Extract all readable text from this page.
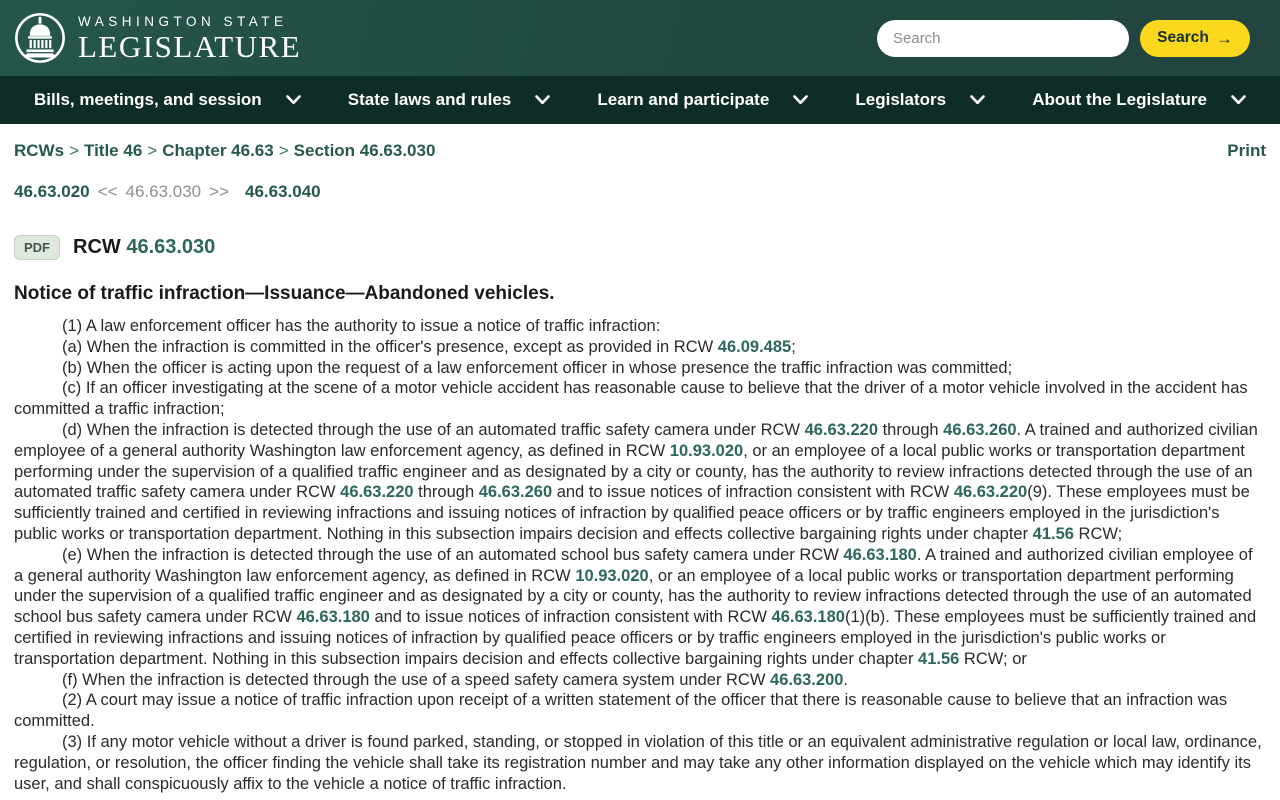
WASHINGTON STATE
LEGISLATURE
Search	Search →
Bills, meetings, and session	State laws and rules	Learn and participate	Legislators	About the Legislature
RCWs > Title 46 > Chapter 46.63 > Section 46.63.030	Print
46.63.020 << 46.63.030 >> 46.63.040
PDF	RCW 46.63.030
Notice of traffic infraction—Issuance—Abandoned vehicles.

(1) A law enforcement officer has the authority to issue a notice of traffic infraction:

(a) When the infraction is committed in the officer's presence, except as provided in RCW 46.09.485;

(b) When the officer is acting upon the request of a law enforcement officer in whose presence the traffic infraction was committed;

(c) If an officer investigating at the scene of a motor vehicle accident has reasonable cause to believe that the driver of a motor vehicle involved in the accident has committed a traffic infraction;

(d) When the infraction is detected through the use of an automated traffic safety camera under RCW 46.63.220 through 46.63.260. A trained and authorized civilian employee of a general authority Washington law enforcement agency, as defined in RCW 10.93.020, or an employee of a local public works or transportation department performing under the supervision of a qualified traffic engineer and as designated by a city or county, has the authority to review infractions detected through the use of an automated traffic safety camera under RCW 46.63.220 through 46.63.260 and to issue notices of infraction consistent with RCW 46.63.220(9). These employees must be sufficiently trained and certified in reviewing infractions and issuing notices of infraction by qualified peace officers or by traffic engineers employed in the jurisdiction's public works or transportation department. Nothing in this subsection impairs decision and effects collective bargaining rights under chapter 41.56 RCW;

(e) When the infraction is detected through the use of an automated school bus safety camera under RCW 46.63.180. A trained and authorized civilian employee of a general authority Washington law enforcement agency, as defined in RCW 10.93.020, or an employee of a local public works or transportation department performing under the supervision of a qualified traffic engineer and as designated by a city or county, has the authority to review infractions detected through the use of an automated school bus safety camera under RCW 46.63.180 and to issue notices of infraction consistent with RCW 46.63.180(1)(b). These employees must be sufficiently trained and certified in reviewing infractions and issuing notices of infraction by qualified peace officers or by traffic engineers employed in the jurisdiction's public works or transportation department. Nothing in this subsection impairs decision and effects collective bargaining rights under chapter 41.56 RCW; or

(f) When the infraction is detected through the use of a speed safety camera system under RCW 46.63.200.

(2) A court may issue a notice of traffic infraction upon receipt of a written statement of the officer that there is reasonable cause to believe that an infraction was committed.

(3) If any motor vehicle without a driver is found parked, standing, or stopped in violation of this title or an equivalent administrative regulation or local law, ordinance, regulation, or resolution, the officer finding the vehicle shall take its registration number and may take any other information displayed on the vehicle which may identify its user, and shall conspicuously affix to the vehicle a notice of traffic infraction.
